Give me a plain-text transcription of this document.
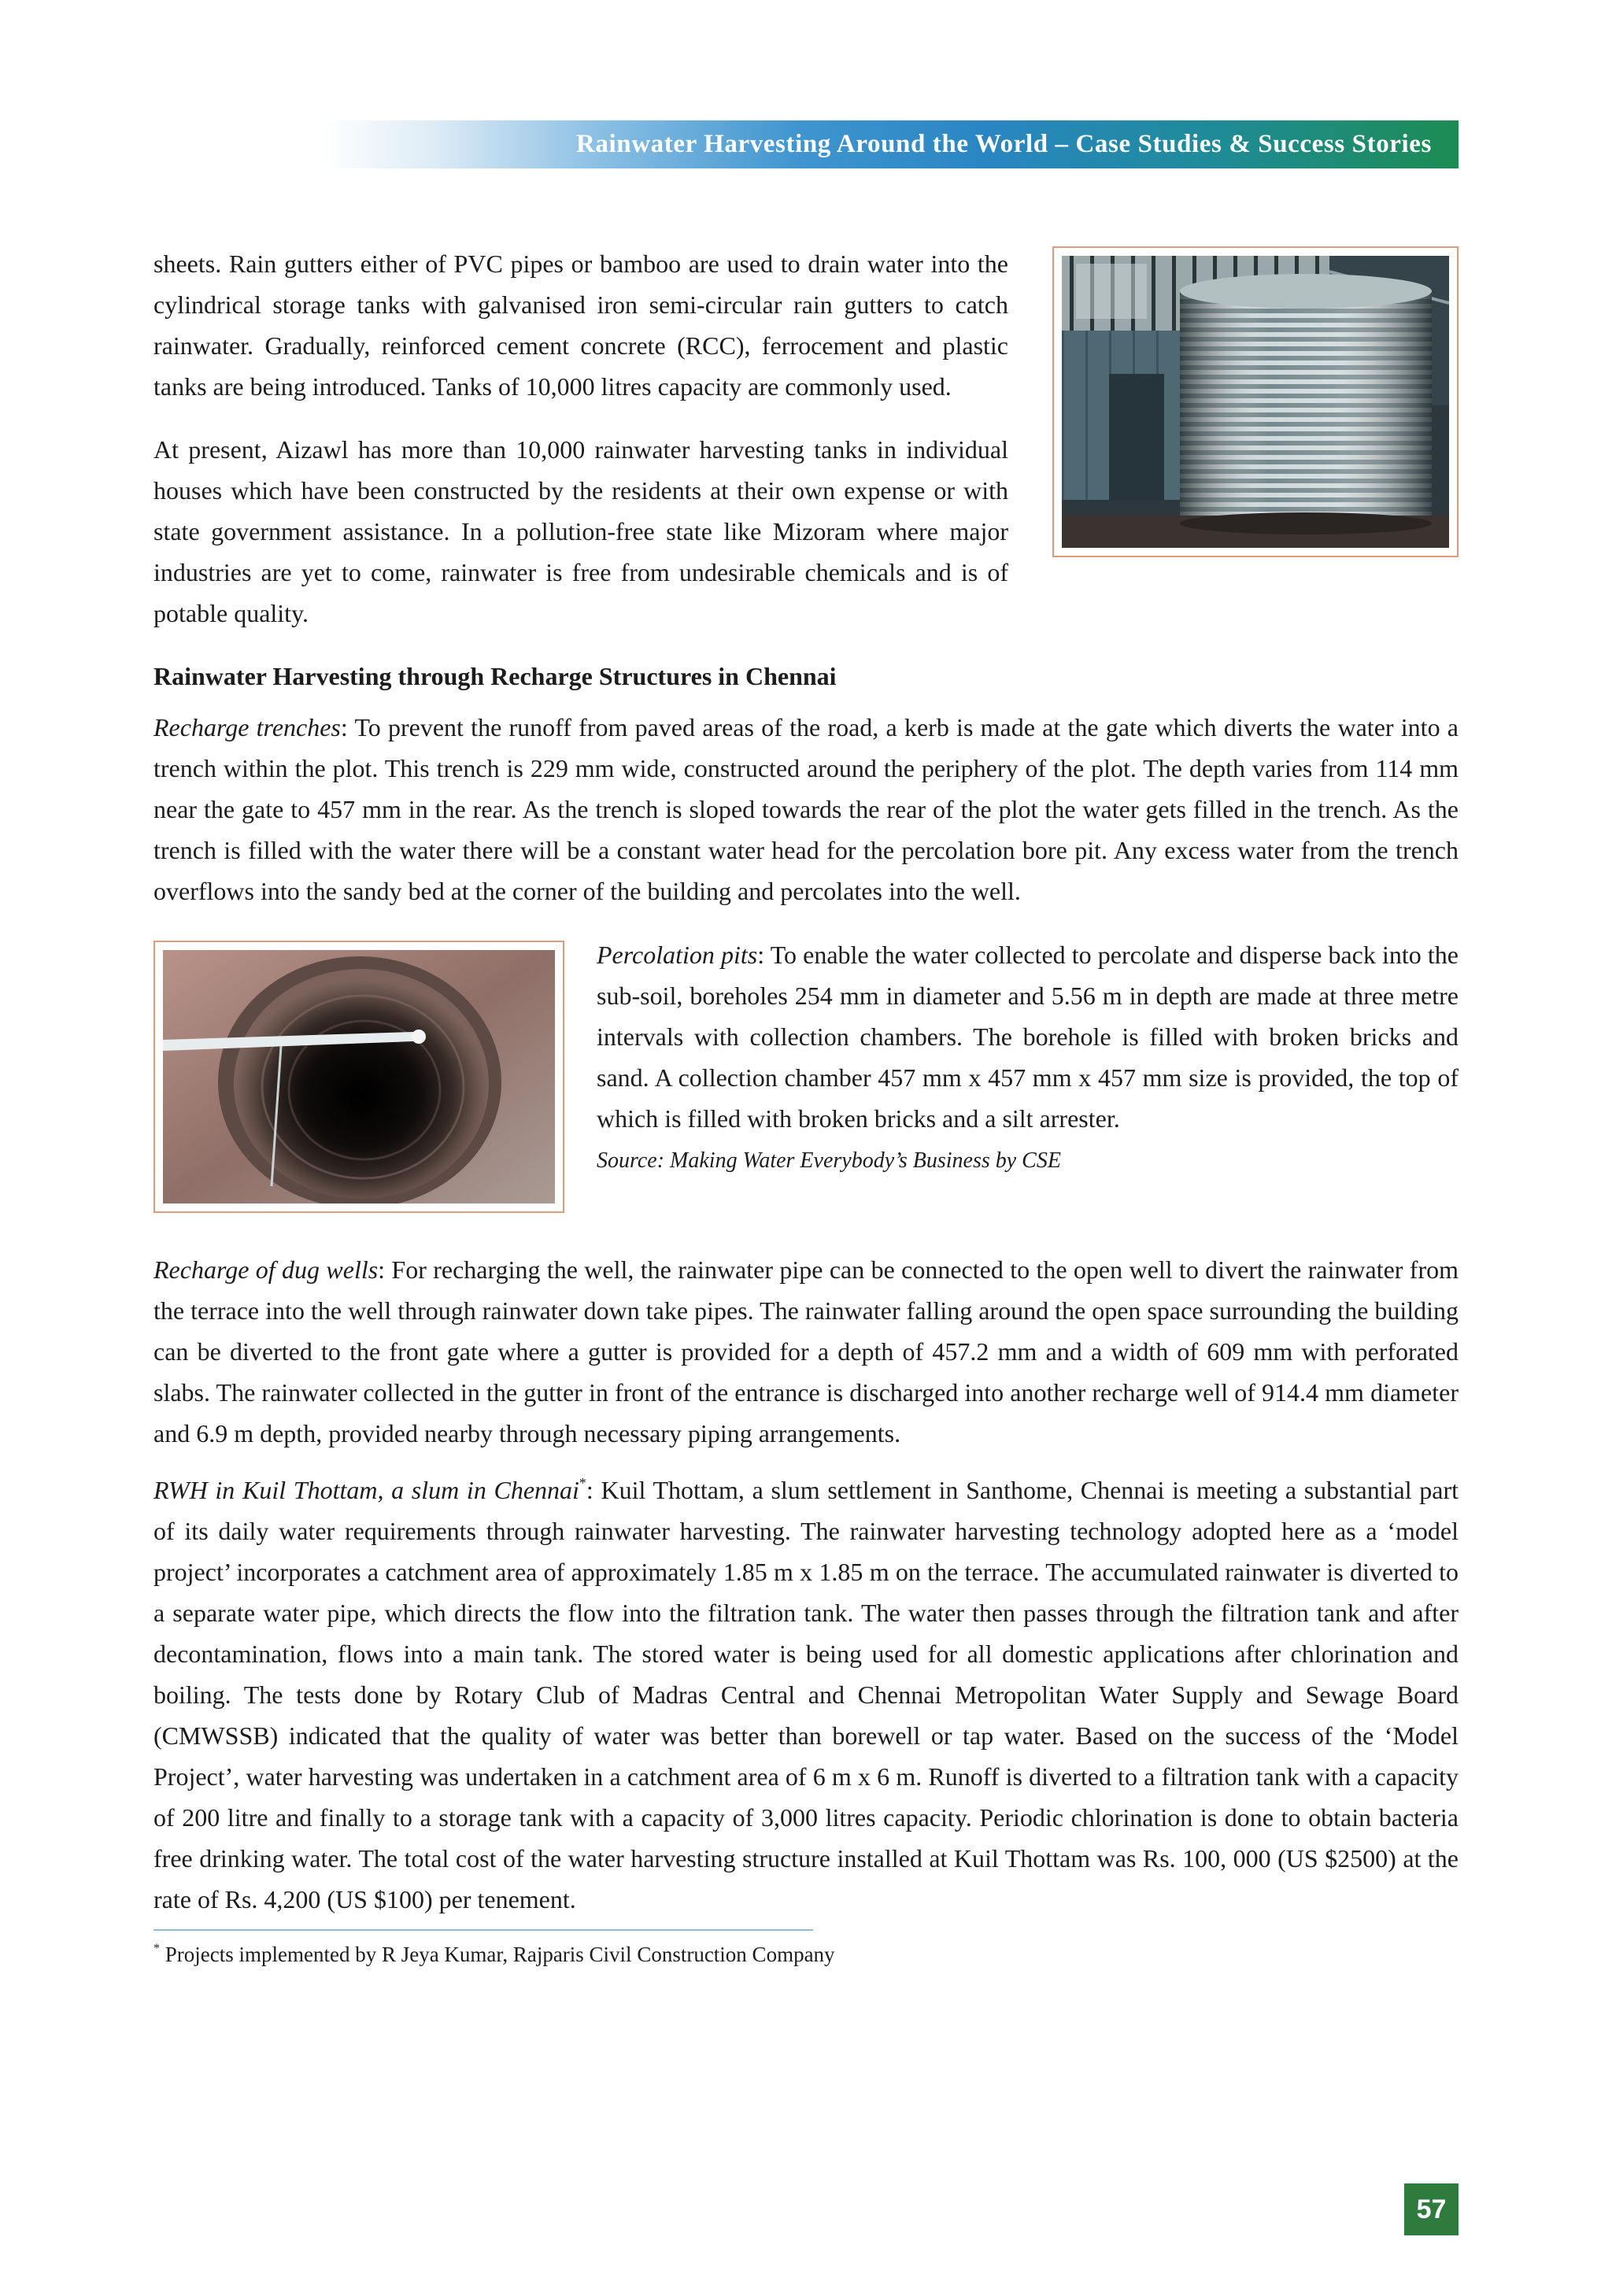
Rainwater Harvesting Around the World – Case Studies & Success Stories

sheets. Rain gutters either of PVC pipes or bamboo are used to drain water into the cylindrical storage tanks with galvanised iron semi-circular rain gutters to catch rainwater. Gradually, reinforced cement concrete (RCC), ferrocement and plastic tanks are being introduced. Tanks of 10,000 litres capacity are commonly used.

At present, Aizawl has more than 10,000 rainwater harvesting tanks in individual houses which have been constructed by the residents at their own expense or with state government assistance. In a pollution-free state like Mizoram where major industries are yet to come, rainwater is free from undesirable chemicals and is of potable quality.

Rainwater Harvesting through Recharge Structures in Chennai

Recharge trenches: To prevent the runoff from paved areas of the road, a kerb is made at the gate which diverts the water into a trench within the plot. This trench is 229 mm wide, constructed around the periphery of the plot. The depth varies from 114 mm near the gate to 457 mm in the rear. As the trench is sloped towards the rear of the plot the water gets filled in the trench. As the trench is filled with the water there will be a constant water head for the percolation bore pit. Any excess water from the trench overflows into the sandy bed at the corner of the building and percolates into the well.

Percolation pits: To enable the water collected to percolate and disperse back into the sub-soil, boreholes 254 mm in diameter and 5.56 m in depth are made at three metre intervals with collection chambers. The borehole is filled with broken bricks and sand. A collection chamber 457 mm x 457 mm x 457 mm size is provided, the top of which is filled with broken bricks and a silt arrester.

Source: Making Water Everybody’s Business by CSE

Recharge of dug wells: For recharging the well, the rainwater pipe can be connected to the open well to divert the rainwater from the terrace into the well through rainwater down take pipes. The rainwater falling around the open space surrounding the building can be diverted to the front gate where a gutter is provided for a depth of 457.2 mm and a width of 609 mm with perforated slabs. The rainwater collected in the gutter in front of the entrance is discharged into another recharge well of 914.4 mm diameter and 6.9 m depth, provided nearby through necessary piping arrangements.

RWH in Kuil Thottam, a slum in Chennai*: Kuil Thottam, a slum settlement in Santhome, Chennai is meeting a substantial part of its daily water requirements through rainwater harvesting. The rainwater harvesting technology adopted here as a ‘model project’ incorporates a catchment area of approximately 1.85 m x 1.85 m on the terrace. The accumulated rainwater is diverted to a separate water pipe, which directs the flow into the filtration tank. The water then passes through the filtration tank and after decontamination, flows into a main tank. The stored water is being used for all domestic applications after chlorination and boiling. The tests done by Rotary Club of Madras Central and Chennai Metropolitan Water Supply and Sewage Board (CMWSSB) indicated that the quality of water was better than borewell or tap water. Based on the success of the ‘Model Project’, water harvesting was undertaken in a catchment area of 6 m x 6 m. Runoff is diverted to a filtration tank with a capacity of 200 litre and finally to a storage tank with a capacity of 3,000 litres capacity. Periodic chlorination is done to obtain bacteria free drinking water. The total cost of the water harvesting structure installed at Kuil Thottam was Rs. 100, 000 (US $2500) at the rate of Rs. 4,200 (US $100) per tenement.

* Projects implemented by R Jeya Kumar, Rajparis Civil Construction Company

57
